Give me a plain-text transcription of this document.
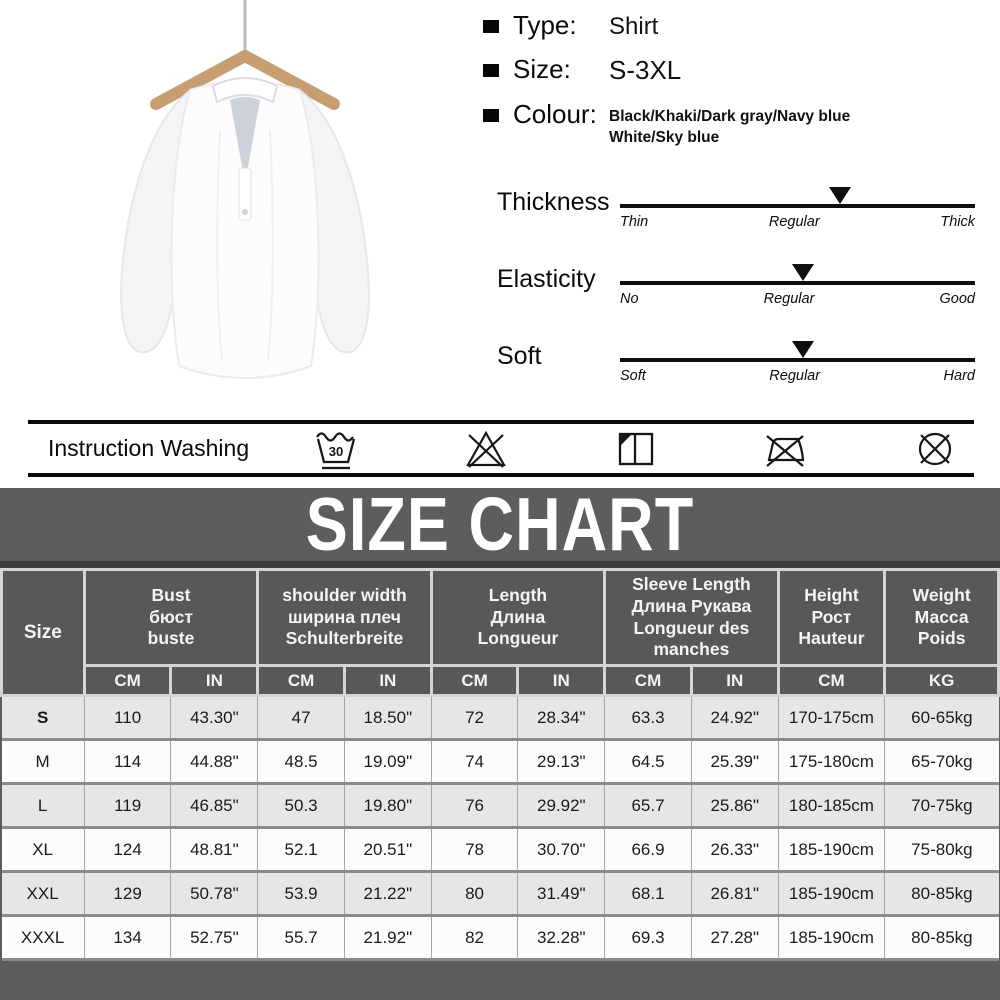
Type:	Shirt
Size:	S-3XL
Colour: Black/Khaki/Dark gray/Navy blue
White/Sky blue
Thickness
Thin	Regular	Thick
Elasticity
No	Regular	Good
Soft
Soft	Regular	Hard
Instruction Washing	30
SIZE CHART
Size	
Bust
бюст
buste

shoulder width
ширина плеч
Schulterbreite

Length
Длина
Longueur

Sleeve Length
Длина Рукава
Longueur des manches

Height
Рост
Hauteur

Weight
Масса
Poids

	CM	IN	CM	IN	CM	IN	CM	IN	CM	KG
S	110	43.30"	47	18.50"	72	28.34"	63.3	24.92"	170-175cm	60-65kg
M	114	44.88"	48.5	19.09"	74	29.13"	64.5	25.39"	175-180cm	65-70kg
L	119	46.85"	50.3	19.80"	76	29.92"	65.7	25.86"	180-185cm	70-75kg
XL	124	48.81"	52.1	20.51"	78	30.70"	66.9	26.33"	185-190cm	75-80kg
XXL	129	50.78"	53.9	21.22"	80	31.49"	68.1	26.81"	185-190cm	80-85kg
XXXL	134	52.75"	55.7	21.92"	82	32.28"	69.3	27.28"	185-190cm	80-85kg
